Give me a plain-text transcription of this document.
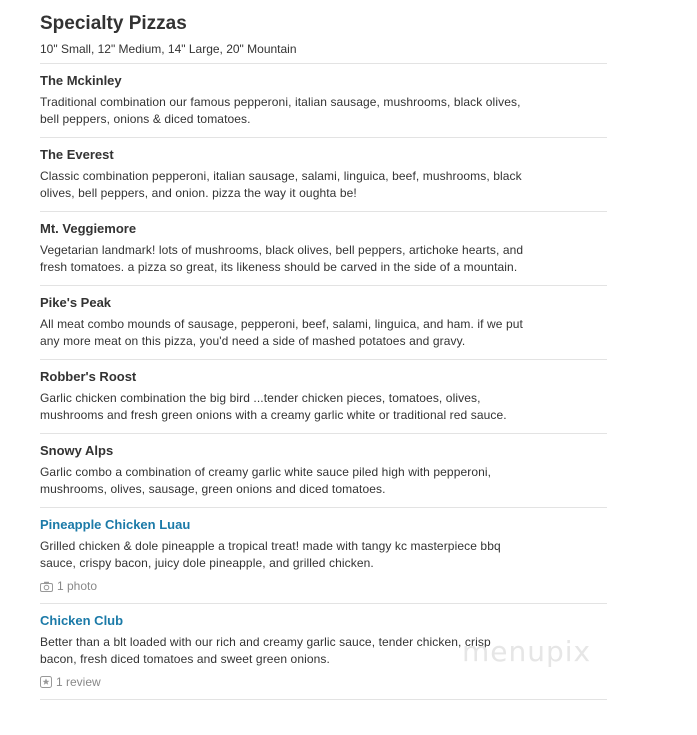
Specialty Pizzas
10" Small, 12" Medium, 14" Large, 20" Mountain
The Mckinley
Traditional combination our famous pepperoni, italian sausage, mushrooms, black olives, bell peppers, onions & diced tomatoes.
The Everest
Classic combination pepperoni, italian sausage, salami, linguica, beef, mushrooms, black olives, bell peppers, and onion. pizza the way it oughta be!
Mt. Veggiemore
Vegetarian landmark! lots of mushrooms, black olives, bell peppers, artichoke hearts, and fresh tomatoes. a pizza so great, its likeness should be carved in the side of a mountain.
Pike's Peak
All meat combo mounds of sausage, pepperoni, beef, salami, linguica, and ham. if we put any more meat on this pizza, you'd need a side of mashed potatoes and gravy.
Robber's Roost
Garlic chicken combination the big bird ...tender chicken pieces, tomatoes, olives, mushrooms and fresh green onions with a creamy garlic white or traditional red sauce.
Snowy Alps
Garlic combo a combination of creamy garlic white sauce piled high with pepperoni, mushrooms, olives, sausage, green onions and diced tomatoes.
Pineapple Chicken Luau
Grilled chicken & dole pineapple a tropical treat! made with tangy kc masterpiece bbq sauce, crispy bacon, juicy dole pineapple, and grilled chicken.
1 photo
Chicken Club
Better than a blt loaded with our rich and creamy garlic sauce, tender chicken, crisp bacon, fresh diced tomatoes and sweet green onions.
1 review
menupix
